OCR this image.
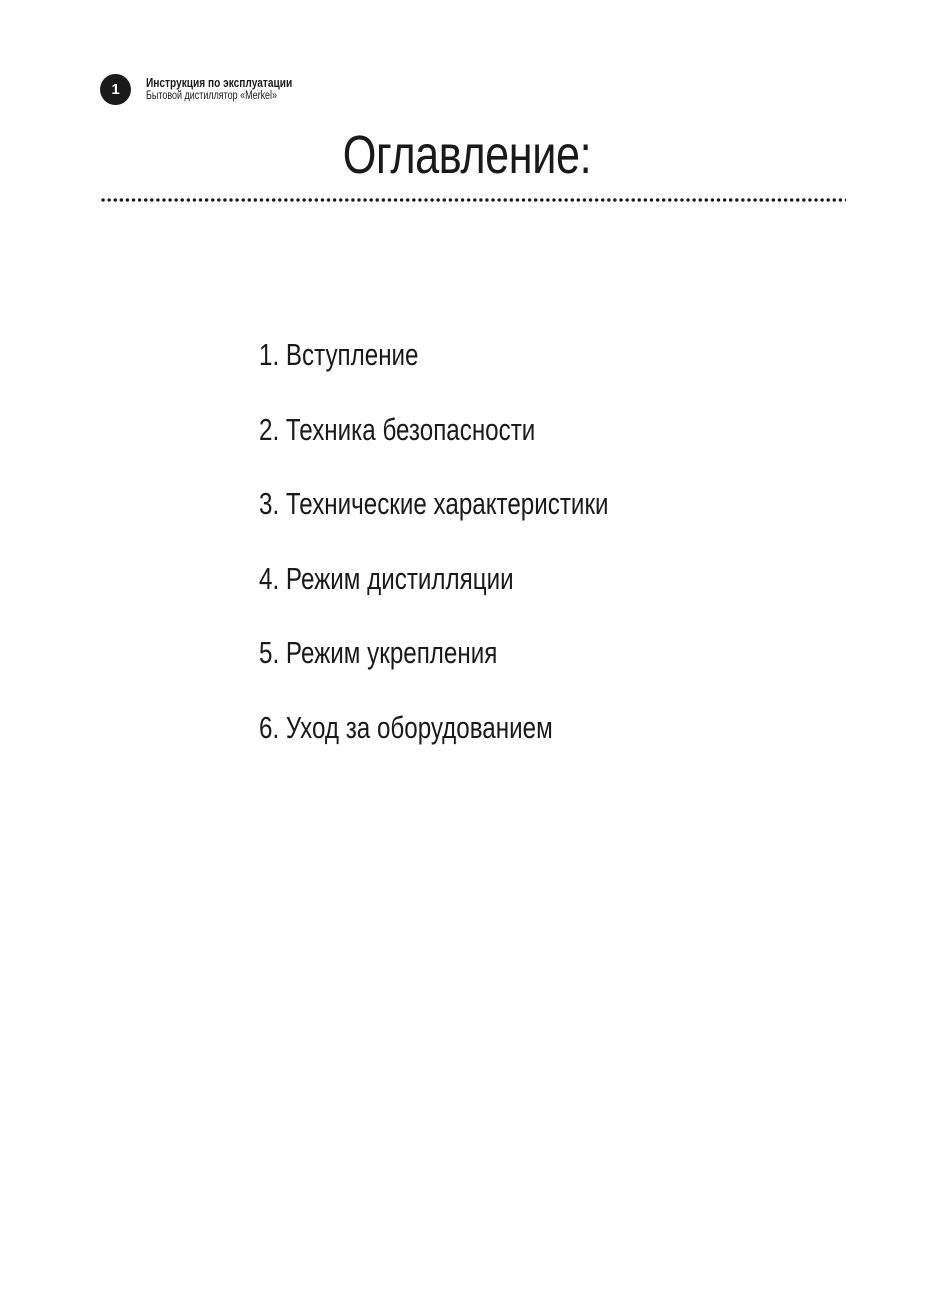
1	Инструкция по эксплуатации
Бытовой дистиллятор «Merkel»
Оглавление:
1. Вступление
2. Техника безопасности
3. Технические характеристики
4. Режим дистилляции
5. Режим укрепления
6. Уход за оборудованием
